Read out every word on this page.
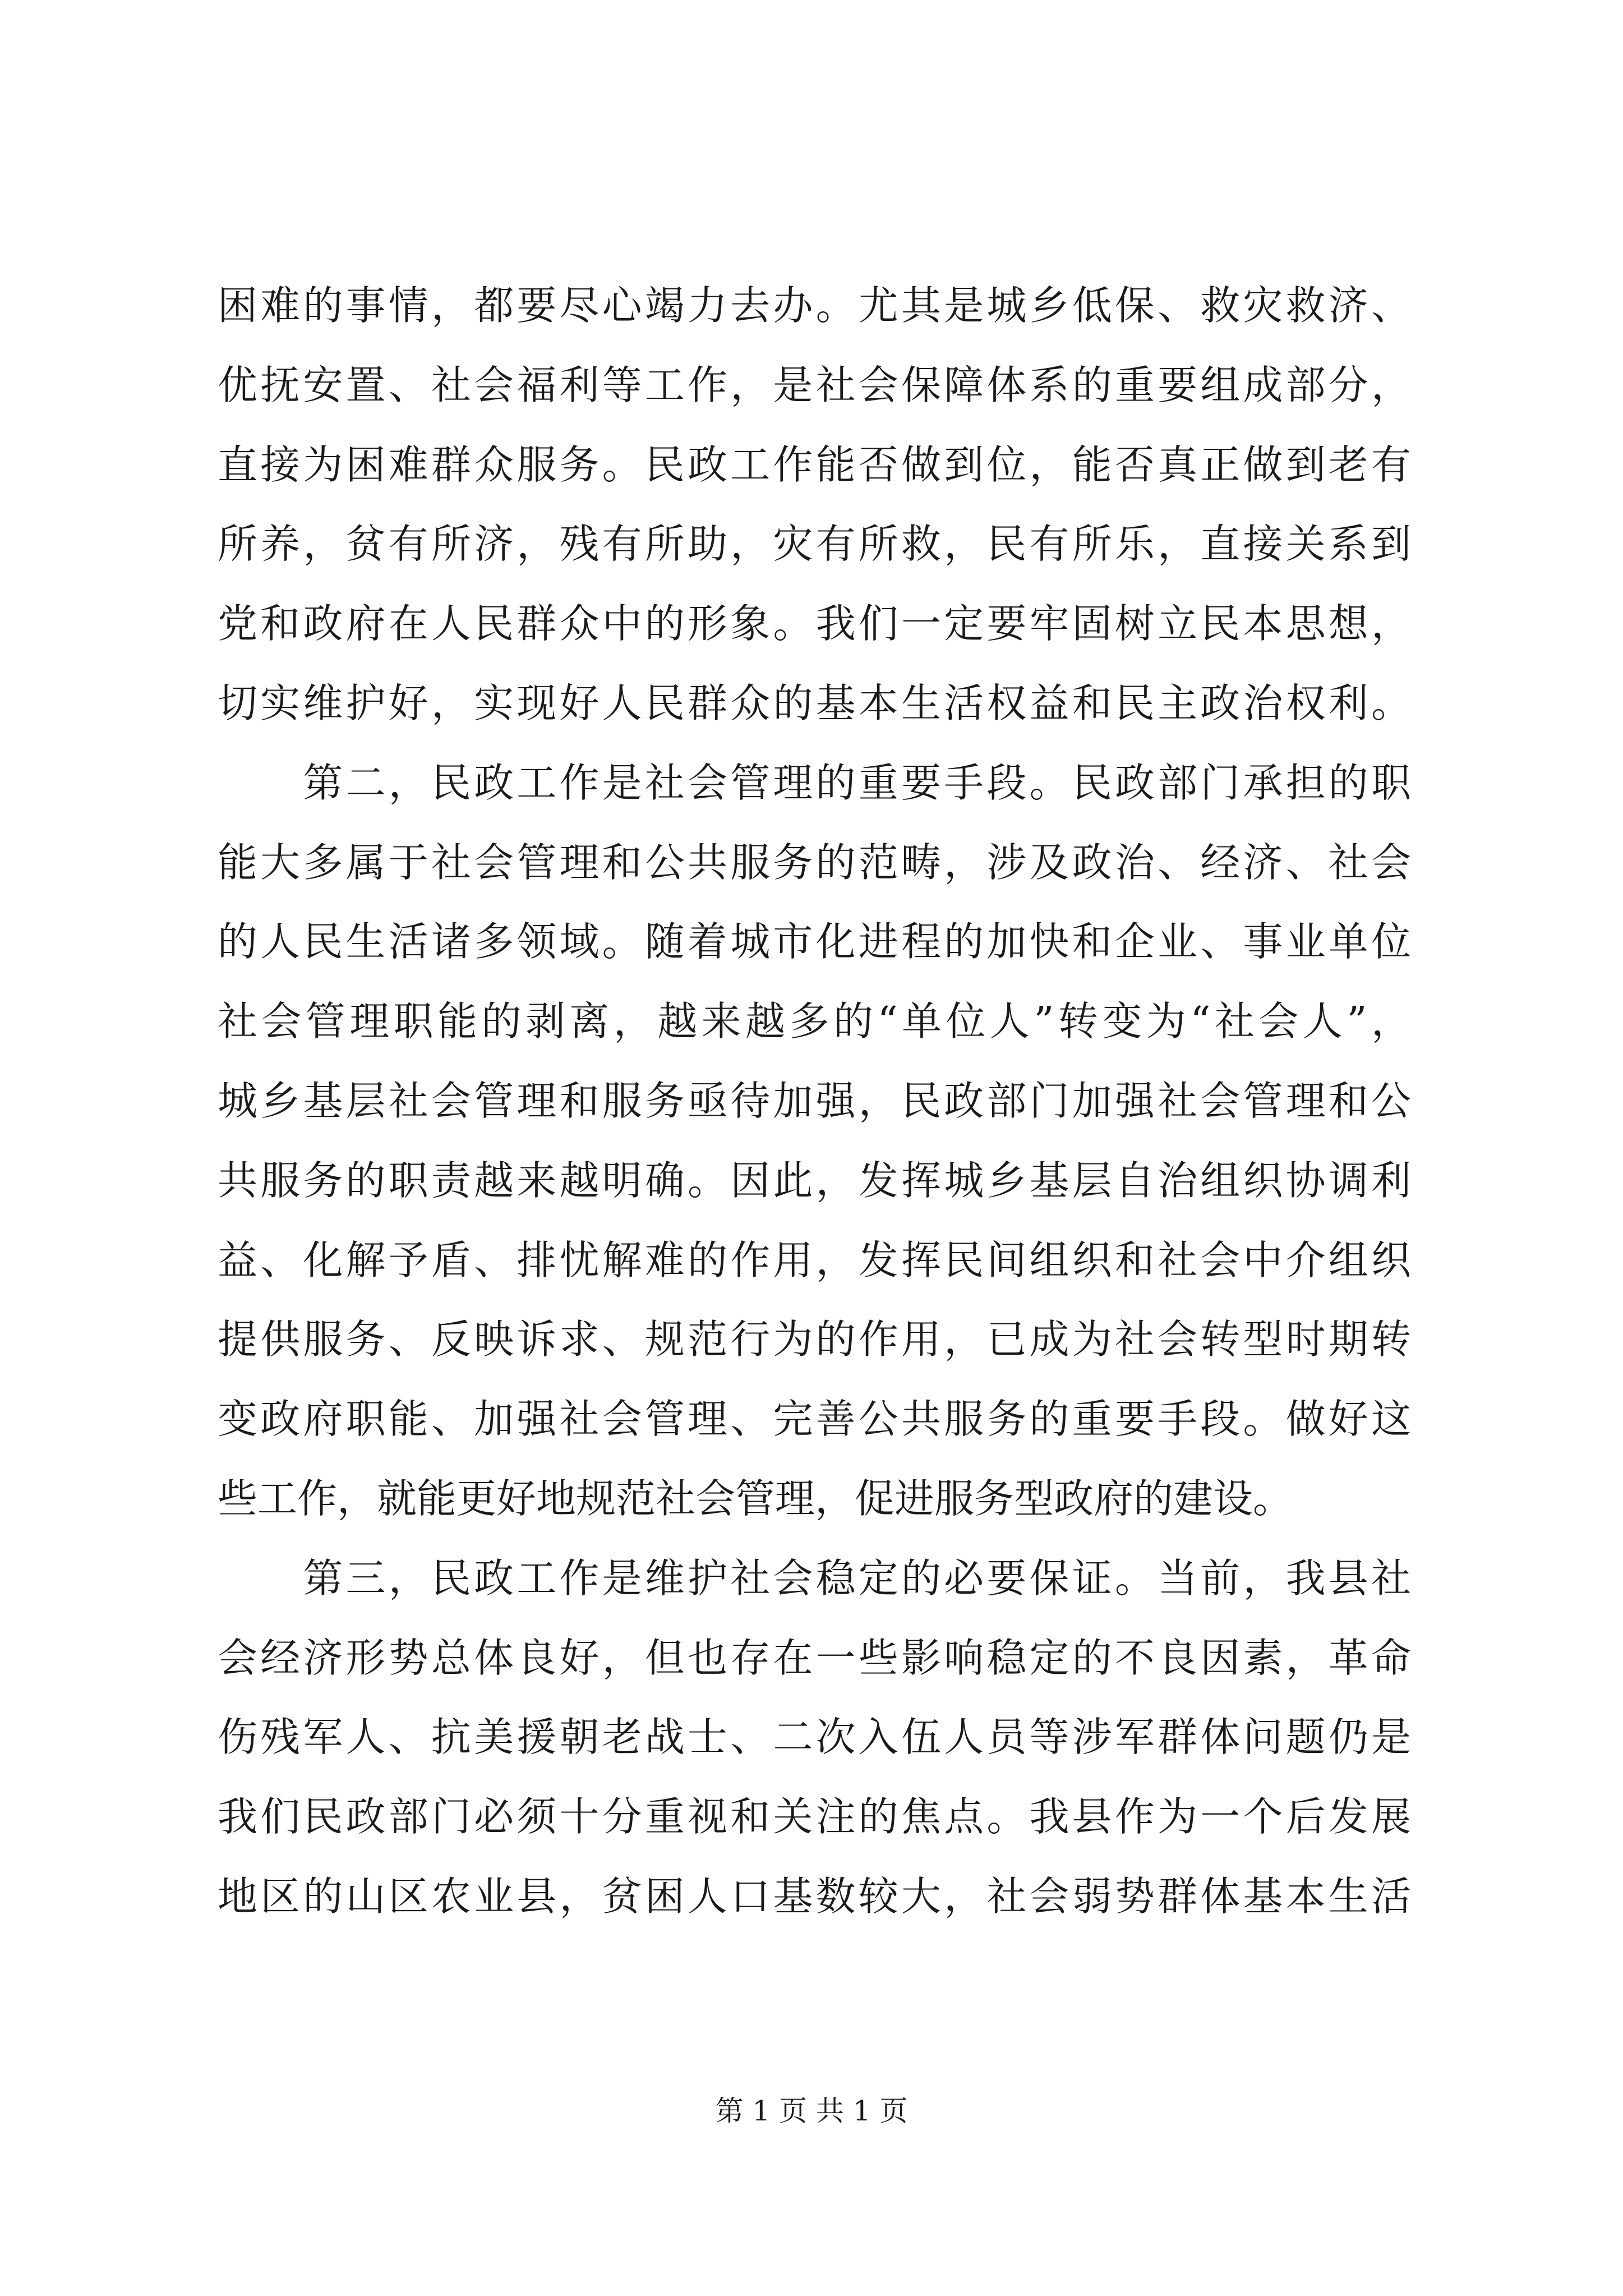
困难的事情，都要尽心竭力去办。尤其是城乡低保、救灾救济、
优抚安置、社会福利等工作，是社会保障体系的重要组成部分，
直接为困难群众服务。民政工作能否做到位，能否真正做到老有
所养，贫有所济，残有所助，灾有所救，民有所乐，直接关系到
党和政府在人民群众中的形象。我们一定要牢固树立民本思想，
切实维护好，实现好人民群众的基本生活权益和民主政治权利。
　　第二，民政工作是社会管理的重要手段。民政部门承担的职
能大多属于社会管理和公共服务的范畴，涉及政治、经济、社会
的人民生活诸多领域。随着城市化进程的加快和企业、事业单位
社会管理职能的剥离，越来越多的“单位人”转变为“社会人”，
城乡基层社会管理和服务亟待加强，民政部门加强社会管理和公
共服务的职责越来越明确。因此，发挥城乡基层自治组织协调利
益、化解予盾、排忧解难的作用，发挥民间组织和社会中介组织
提供服务、反映诉求、规范行为的作用，已成为社会转型时期转
变政府职能、加强社会管理、完善公共服务的重要手段。做好这
些工作，就能更好地规范社会管理，促进服务型政府的建设。
　　第三，民政工作是维护社会稳定的必要保证。当前，我县社
会经济形势总体良好，但也存在一些影响稳定的不良因素，革命
伤残军人、抗美援朝老战士、二次入伍人员等涉军群体问题仍是
我们民政部门必须十分重视和关注的焦点。我县作为一个后发展
地区的山区农业县，贫困人口基数较大，社会弱势群体基本生活
第 1 页 共 1 页
